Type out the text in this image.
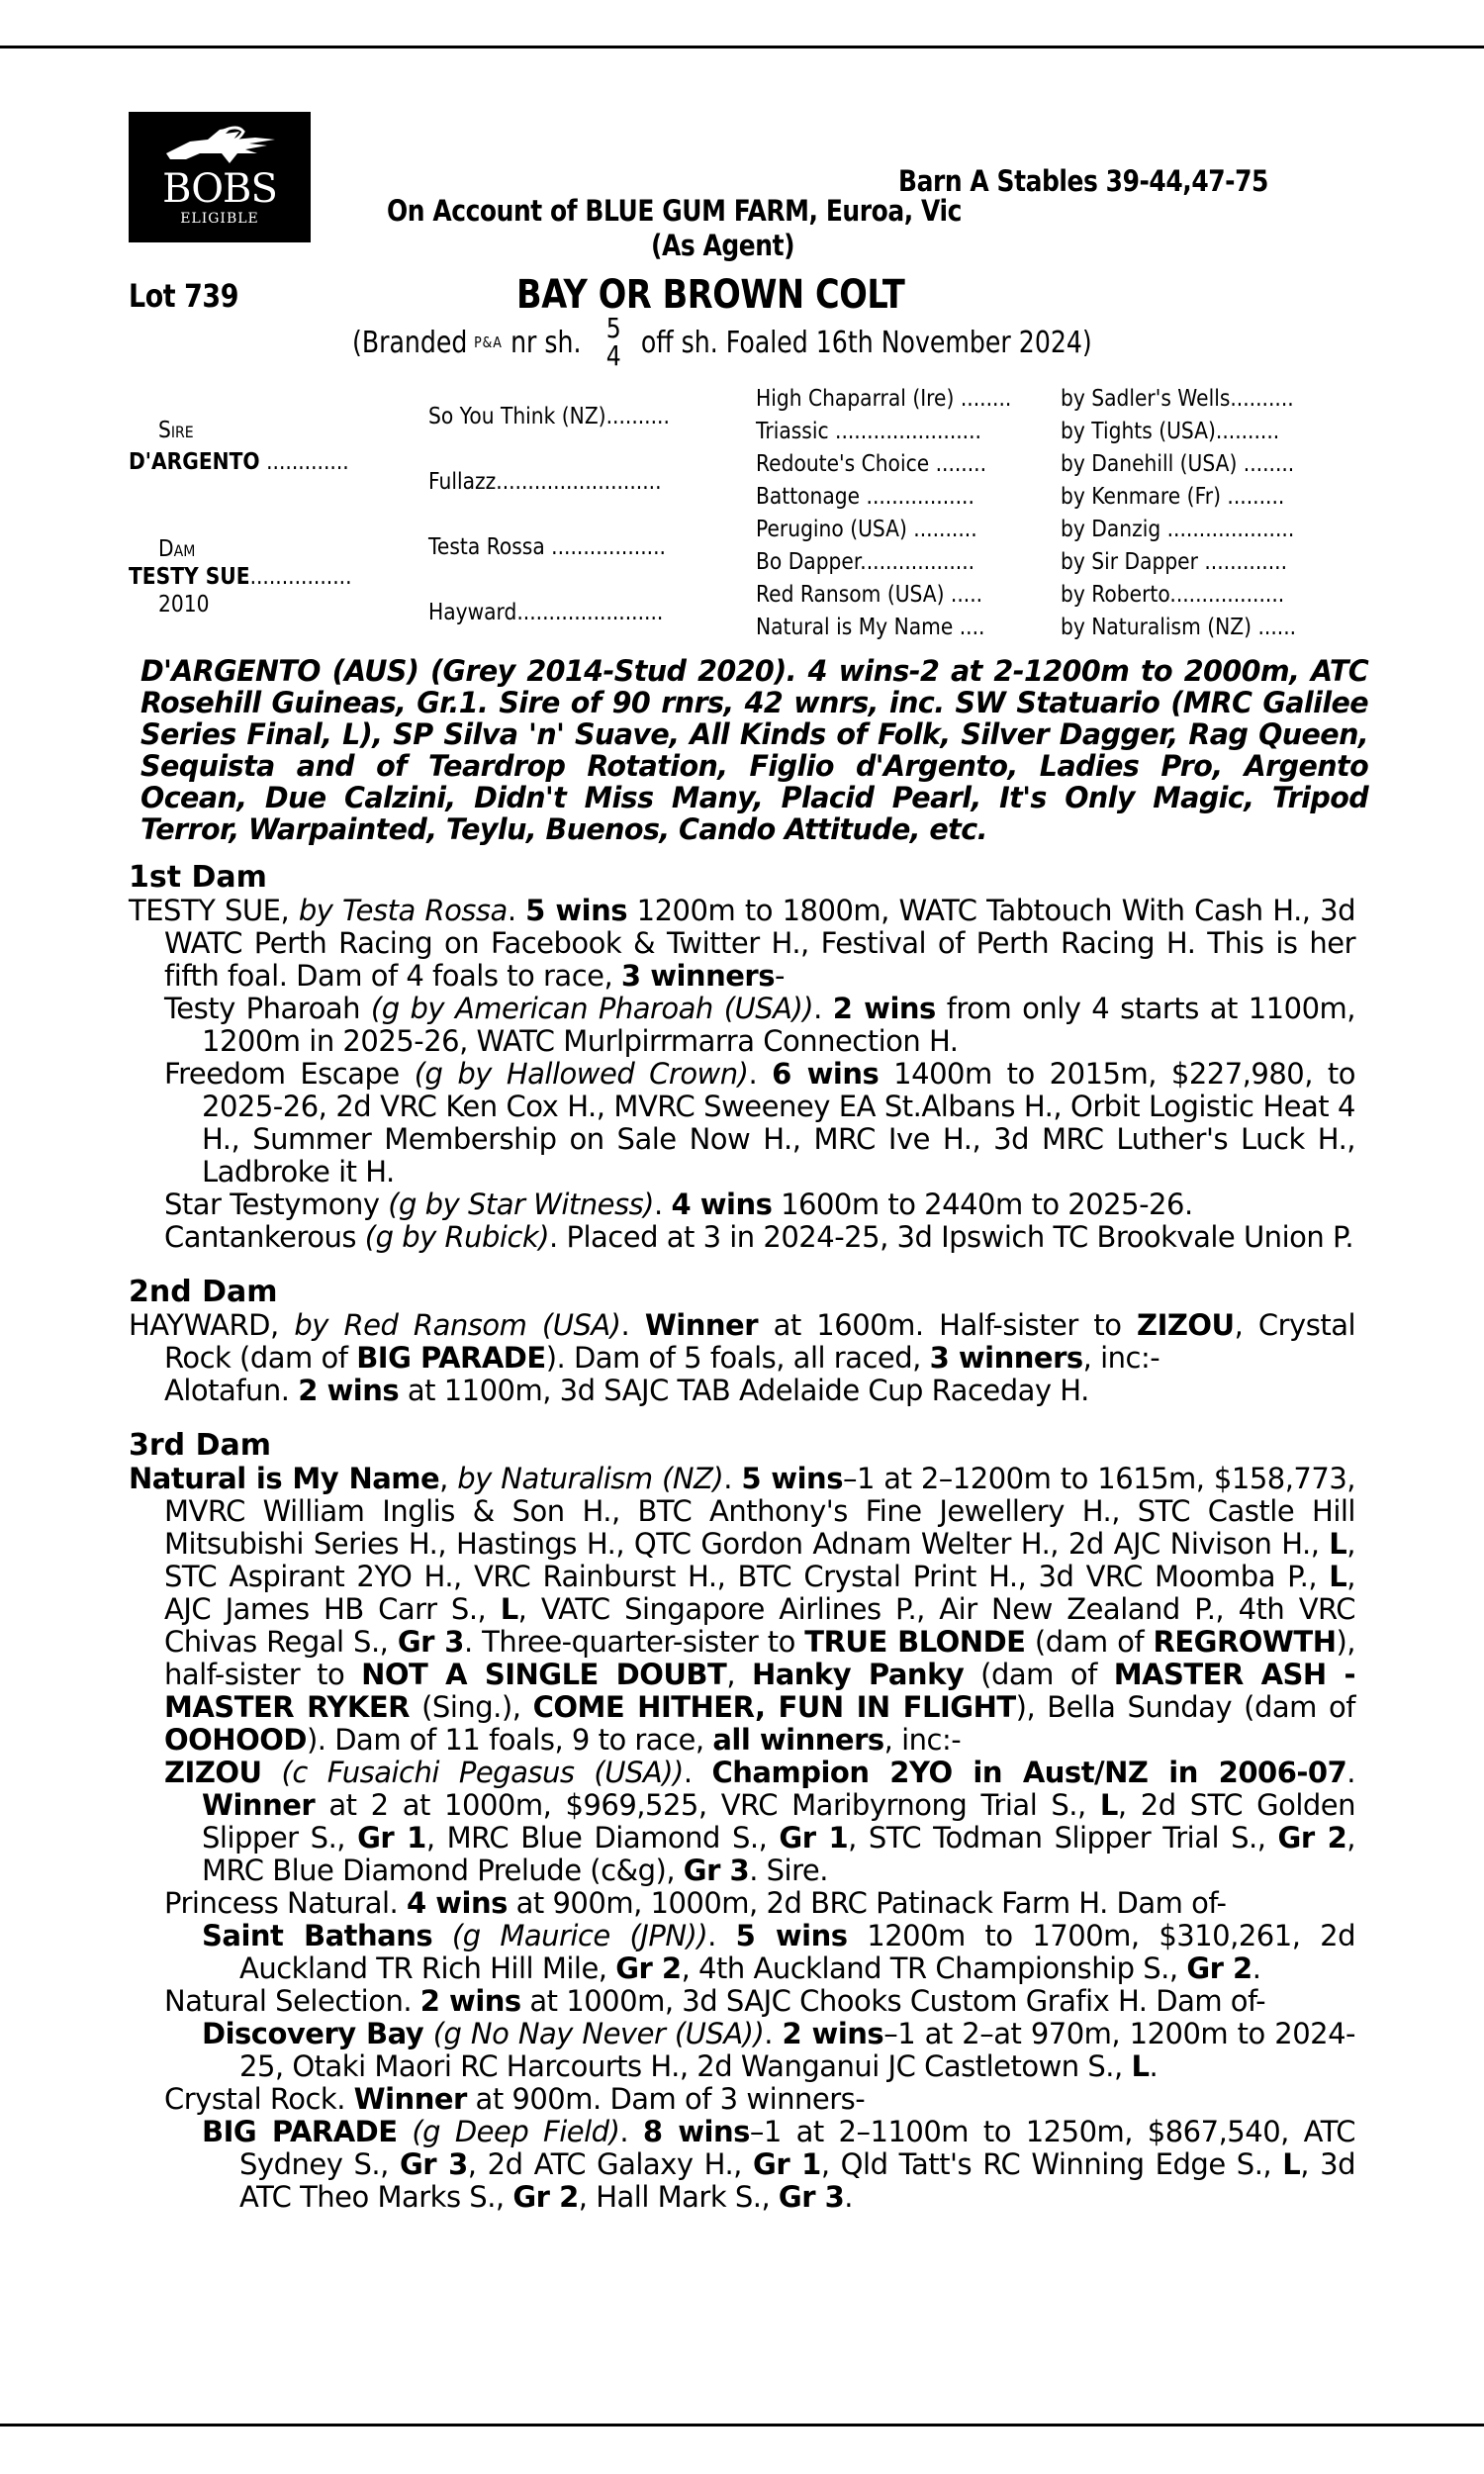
BOBS
ELIGIBLE
Barn A Stables 39-44,47-75
On Account of BLUE GUM FARM, Euroa, Vic
(As Agent)
Lot 739	BAY OR BROWN COLT
(Branded P&A nr sh. 5
4 off sh. Foaled 16th November 2024)
Sire
D'ARGENTO .............
Dam
TESTY SUE................
2010
So You Think (NZ)..........
Fullazz..........................
Testa Rossa ..................
Hayward.......................
High Chaparral (Ire) ........
Triassic .......................
Redoute's Choice ........
Battonage .................
Perugino (USA) ..........
Bo Dapper..................
Red Ransom (USA) .....
Natural is My Name ....
by Sadler's Wells..........
by Tights (USA)..........
by Danehill (USA) ........
by Kenmare (Fr) .........
by Danzig ....................
by Sir Dapper .............
by Roberto..................
by Naturalism (NZ) ......
D'ARGENTO (AUS) (Grey 2014-Stud 2020). 4 wins-2 at 2-1200m to 2000m, ATC Rosehill Guineas, Gr.1. Sire of 90 rnrs, 42 wnrs, inc. SW Statuario (MRC Galilee Series Final, L), SP Silva 'n' Suave, All Kinds of Folk, Silver Dagger, Rag Queen, Sequista and of Teardrop Rotation, Figlio d'Argento, Ladies Pro, Argento Ocean, Due Calzini, Didn't Miss Many, Placid Pearl, It's Only Magic, Tripod Terror, Warpainted, Teylu, Buenos, Cando Attitude, etc.
1st Dam
TESTY SUE, by Testa Rossa. 5 wins 1200m to 1800m, WATC Tabtouch With Cash H., 3d WATC Perth Racing on Facebook & Twitter H., Festival of Perth Racing H. This is her fifth foal. Dam of 4 foals to race, 3 winners-
Testy Pharoah (g by American Pharoah (USA)). 2 wins from only 4 starts at 1100m, 1200m in 2025-26, WATC Murlpirrmarra Connection H.
Freedom Escape (g by Hallowed Crown). 6 wins 1400m to 2015m, $227,980, to 2025-26, 2d VRC Ken Cox H., MVRC Sweeney EA St.Albans H., Orbit Logistic Heat 4 H., Summer Membership on Sale Now H., MRC Ive H., 3d MRC Luther's Luck H., Ladbroke it H.
Star Testymony (g by Star Witness). 4 wins 1600m to 2440m to 2025-26.
Cantankerous (g by Rubick). Placed at 3 in 2024-25, 3d Ipswich TC Brookvale Union P.
2nd Dam
HAYWARD, by Red Ransom (USA). Winner at 1600m. Half-sister to ZIZOU, Crystal Rock (dam of BIG PARADE). Dam of 5 foals, all raced, 3 winners, inc:-
Alotafun. 2 wins at 1100m, 3d SAJC TAB Adelaide Cup Raceday H.
3rd Dam
Natural is My Name, by Naturalism (NZ). 5 wins–1 at 2–1200m to 1615m, $158,773, MVRC William Inglis & Son H., BTC Anthony's Fine Jewellery H., STC Castle Hill Mitsubishi Series H., Hastings H., QTC Gordon Adnam Welter H., 2d AJC Nivison H., L, STC Aspirant 2YO H., VRC Rainburst H., BTC Crystal Print H., 3d VRC Moomba P., L, AJC James HB Carr S., L, VATC Singapore Airlines P., Air New Zealand P., 4th VRC Chivas Regal S., Gr 3. Three-quarter-sister to TRUE BLONDE (dam of REGROWTH), half-sister to NOT A SINGLE DOUBT, Hanky Panky (dam of MASTER ASH - MASTER RYKER (Sing.), COME HITHER, FUN IN FLIGHT), Bella Sunday (dam of OOHOOD). Dam of 11 foals, 9 to race, all winners, inc:-
ZIZOU (c Fusaichi Pegasus (USA)). Champion 2YO in Aust/NZ in 2006-07. Winner at 2 at 1000m, $969,525, VRC Maribyrnong Trial S., L, 2d STC Golden Slipper S., Gr 1, MRC Blue Diamond S., Gr 1, STC Todman Slipper Trial S., Gr 2, MRC Blue Diamond Prelude (c&g), Gr 3. Sire.
Princess Natural. 4 wins at 900m, 1000m, 2d BRC Patinack Farm H. Dam of-
Saint Bathans (g Maurice (JPN)). 5 wins 1200m to 1700m, $310,261, 2d Auckland TR Rich Hill Mile, Gr 2, 4th Auckland TR Championship S., Gr 2.
Natural Selection. 2 wins at 1000m, 3d SAJC Chooks Custom Grafix H. Dam of-
Discovery Bay (g No Nay Never (USA)). 2 wins–1 at 2–at 970m, 1200m to 2024-25, Otaki Maori RC Harcourts H., 2d Wanganui JC Castletown S., L.
Crystal Rock. Winner at 900m. Dam of 3 winners-
BIG PARADE (g Deep Field). 8 wins–1 at 2–1100m to 1250m, $867,540, ATC Sydney S., Gr 3, 2d ATC Galaxy H., Gr 1, Qld Tatt's RC Winning Edge S., L, 3d ATC Theo Marks S., Gr 2, Hall Mark S., Gr 3.
